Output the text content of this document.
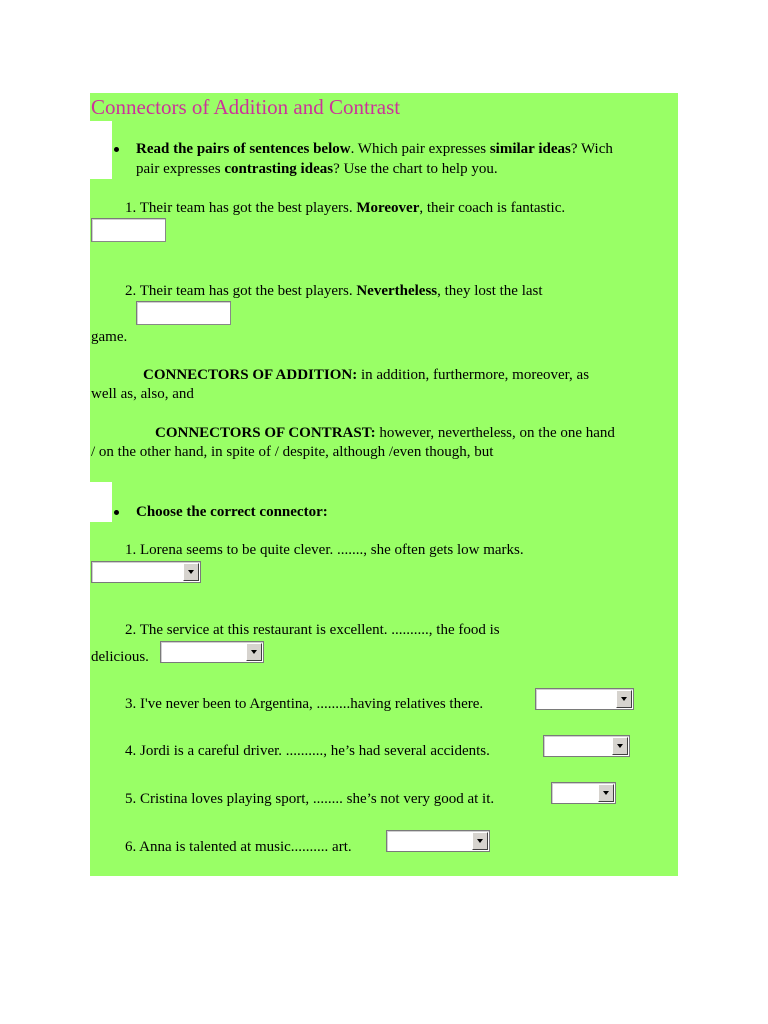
Connectors of Addition and Contrast
Read the pairs of sentences below. Which pair expresses similar ideas? Wich
pair expresses contrasting ideas? Use the chart to help you.
1. Their team has got the best players. Moreover, their coach is fantastic.
2. Their team has got the best players. Nevertheless, they lost the last
game.
CONNECTORS OF ADDITION: in addition, furthermore, moreover, as
well as, also, and
CONNECTORS OF CONTRAST: however, nevertheless, on the one hand
/ on the other hand, in spite of / despite, although /even though, but
Choose the correct connector:
1. Lorena seems to be quite clever. ......., she often gets low marks.
2. The service at this restaurant is excellent. .........., the food is
delicious.
3. I've never been to Argentina, .........having relatives there.
4. Jordi is a careful driver. .........., he’s had several accidents.
5. Cristina loves playing sport, ........ she’s not very good at it.
6. Anna is talented at music.......... art.
